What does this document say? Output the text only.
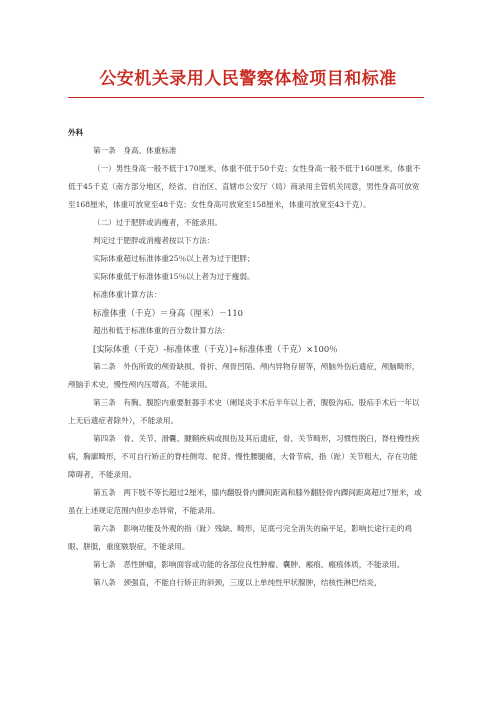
公安机关录用人民警察体检项目和标准

外科

第一条　身高、体重标准

（一）男性身高一般不低于170厘米，体重不低于50千克；女性身高一般不低于160厘米，体重不低于45千克（南方部分地区，经省、自治区、直辖市公安厅（局）商录用主管机关同意，男性身高可放宽至168厘米，体重可放宽至48千克；女性身高可放宽至158厘米，体重可放宽至43千克）。

（二）过于肥胖或消瘦者，不能录用。

判定过于肥胖或消瘦者按以下方法：

实际体重超过标准体重25％以上者为过于肥胖；

实际体重低于标准体重15％以上者为过于瘦弱。

标准体重计算方法：

标准体重（千克）＝身高（厘米）－110

超出和低于标准体重的百分数计算方法：

[实际体重（千克）-标准体重（千克）]÷标准体重（千克）×100％

第二条　外伤所致的颅骨缺损、骨折、颅骨凹陷、颅内异物存留等，颅脑外伤后遗症，颅脑畸形，颅脑手术史，慢性颅内压增高，不能录用。

第三条　有胸、腹腔内重要脏器手术史（阑尾炎手术后半年以上者，腹股沟疝、股疝手术后一年以上无后遗症者除外），不能录用。

第四条　骨、关节、滑囊、腱鞘疾病或损伤及其后遗症，骨、关节畸形，习惯性脱臼，脊柱慢性疾病，胸廓畸形，不可自行矫正的脊柱侧弯、驼背、慢性腰腿痛，大骨节病，指（趾）关节粗大，存在功能障碍者，不能录用。

第五条　两下肢不等长超过2厘米，膝内翻股骨内髁间距离和膝外翻胫骨内踝间距离超过7厘米，或虽在上述规定范围内但步态异常，不能录用。

第六条　影响功能及外观的指（趾）残缺、畸形，足底弓完全消失的扁平足，影响长途行走的鸡眼、胼胝，重度皲裂症，不能录用。

第七条　恶性肿瘤，影响面容或功能的各部位良性肿瘤、囊肿、瘢痕、瘢痕体质，不能录用。

第八条　颈强直，不能自行矫正的斜颈，三度以上单纯性甲状腺肿，结核性淋巴结炎，
